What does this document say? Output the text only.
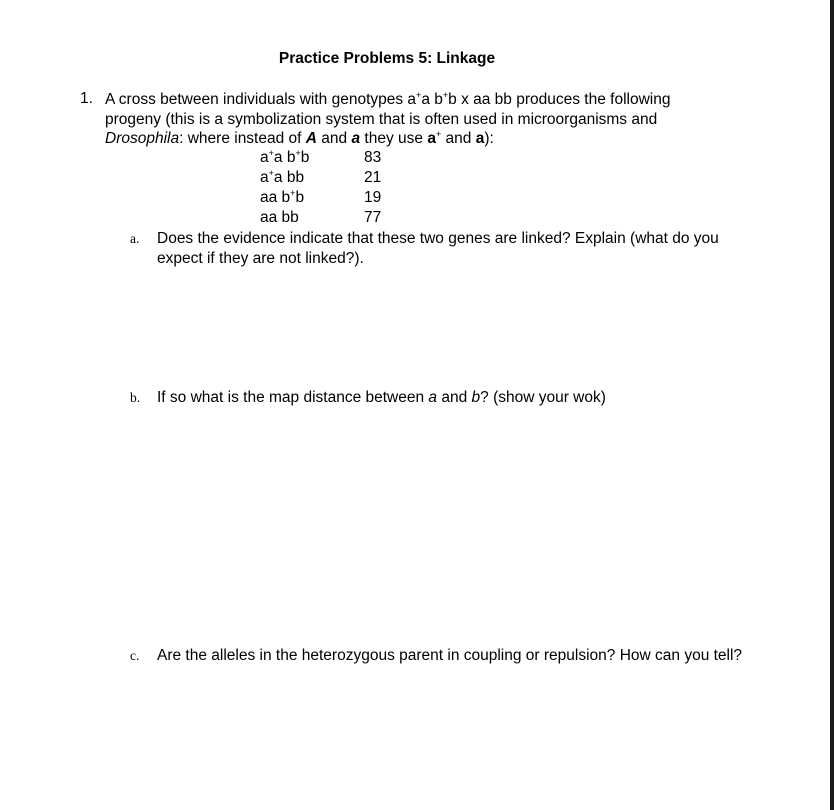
Practice Problems 5: Linkage
1. A cross between individuals with genotypes a+a b+b x aa bb produces the following
progeny (this is a symbolization system that is often used in microorganisms and
Drosophila: where instead of A and a they use a+ and a):
a+a b+b	83
a+a bb	21
aa b+b	19
aa bb	77
a. Does the evidence indicate that these two genes are linked? Explain (what do you expect if they are not linked?).
b. If so what is the map distance between a and b? (show your wok)
c. Are the alleles in the heterozygous parent in coupling or repulsion? How can you tell?
